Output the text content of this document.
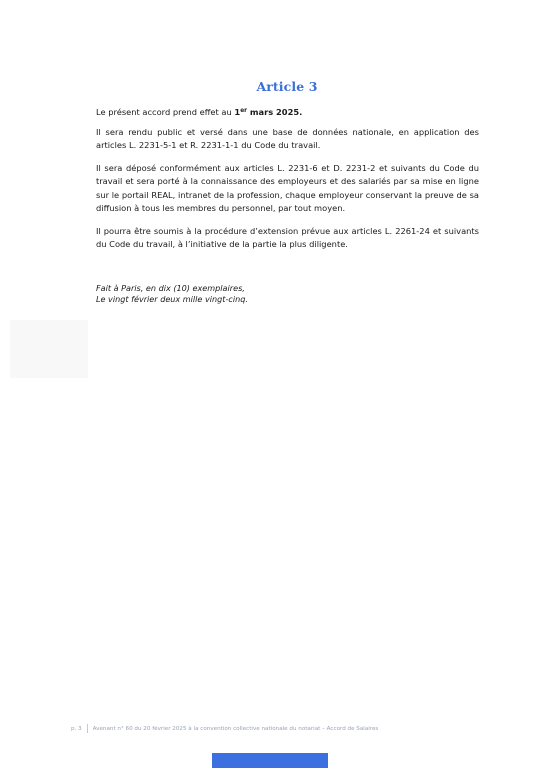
Article 3

Le présent accord prend effet au 1er mars 2025.

Il sera rendu public et versé dans une base de données nationale, en application des articles L. 2231-5-1 et R. 2231-1-1 du Code du travail.

Il sera déposé conformément aux articles L. 2231-6 et D. 2231-2 et suivants du Code du travail et sera porté à la connaissance des employeurs et des salariés par sa mise en ligne sur le portail REAL, intranet de la profession, chaque employeur conservant la preuve de sa diffusion à tous les membres du personnel, par tout moyen.

Il pourra être soumis à la procédure d’extension prévue aux articles L. 2261-24 et suivants du Code du travail, à l’initiative de la partie la plus diligente.

Fait à Paris, en dix (10) exemplaires,
Le vingt février deux mille vingt-cinq.
p. 3 Avenant n° 60 du 20 février 2025 à la convention collective nationale du notariat – Accord de Salaires
